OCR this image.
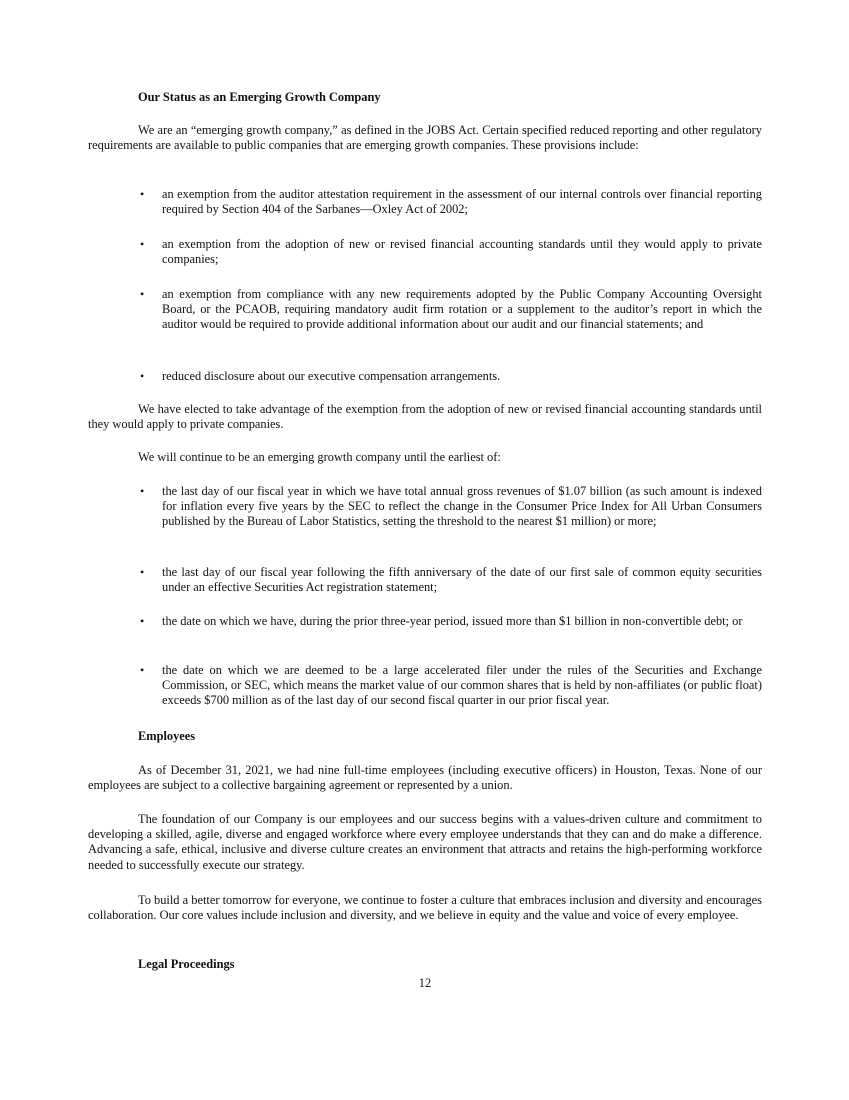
Our Status as an Emerging Growth Company
We are an “emerging growth company,” as defined in the JOBS Act. Certain specified reduced reporting and other regulatory requirements are available to public companies that are emerging growth companies. These provisions include:
• an exemption from the auditor attestation requirement in the assessment of our internal controls over financial reporting required by Section 404 of the Sarbanes—Oxley Act of 2002;
• an exemption from the adoption of new or revised financial accounting standards until they would apply to private companies;
• an exemption from compliance with any new requirements adopted by the Public Company Accounting Oversight Board, or the PCAOB, requiring mandatory audit firm rotation or a supplement to the auditor’s report in which the auditor would be required to provide additional information about our audit and our financial statements; and
• reduced disclosure about our executive compensation arrangements.
We have elected to take advantage of the exemption from the adoption of new or revised financial accounting standards until they would apply to private companies.
We will continue to be an emerging growth company until the earliest of:
• the last day of our fiscal year in which we have total annual gross revenues of $1.07 billion (as such amount is indexed for inflation every five years by the SEC to reflect the change in the Consumer Price Index for All Urban Consumers published by the Bureau of Labor Statistics, setting the threshold to the nearest $1 million) or more;
• the last day of our fiscal year following the fifth anniversary of the date of our first sale of common equity securities under an effective Securities Act registration statement;
• the date on which we have, during the prior three-year period, issued more than $1 billion in non-convertible debt; or
• the date on which we are deemed to be a large accelerated filer under the rules of the Securities and Exchange Commission, or SEC, which means the market value of our common shares that is held by non-affiliates (or public float) exceeds $700 million as of the last day of our second fiscal quarter in our prior fiscal year.
Employees
As of December 31, 2021, we had nine full-time employees (including executive officers) in Houston, Texas. None of our employees are subject to a collective bargaining agreement or represented by a union.
The foundation of our Company is our employees and our success begins with a values-driven culture and commitment to developing a skilled, agile, diverse and engaged workforce where every employee understands that they can and do make a difference. Advancing a safe, ethical, inclusive and diverse culture creates an environment that attracts and retains the high-performing workforce needed to successfully execute our strategy.
To build a better tomorrow for everyone, we continue to foster a culture that embraces inclusion and diversity and encourages collaboration. Our core values include inclusion and diversity, and we believe in equity and the value and voice of every employee.
Legal Proceedings
12
